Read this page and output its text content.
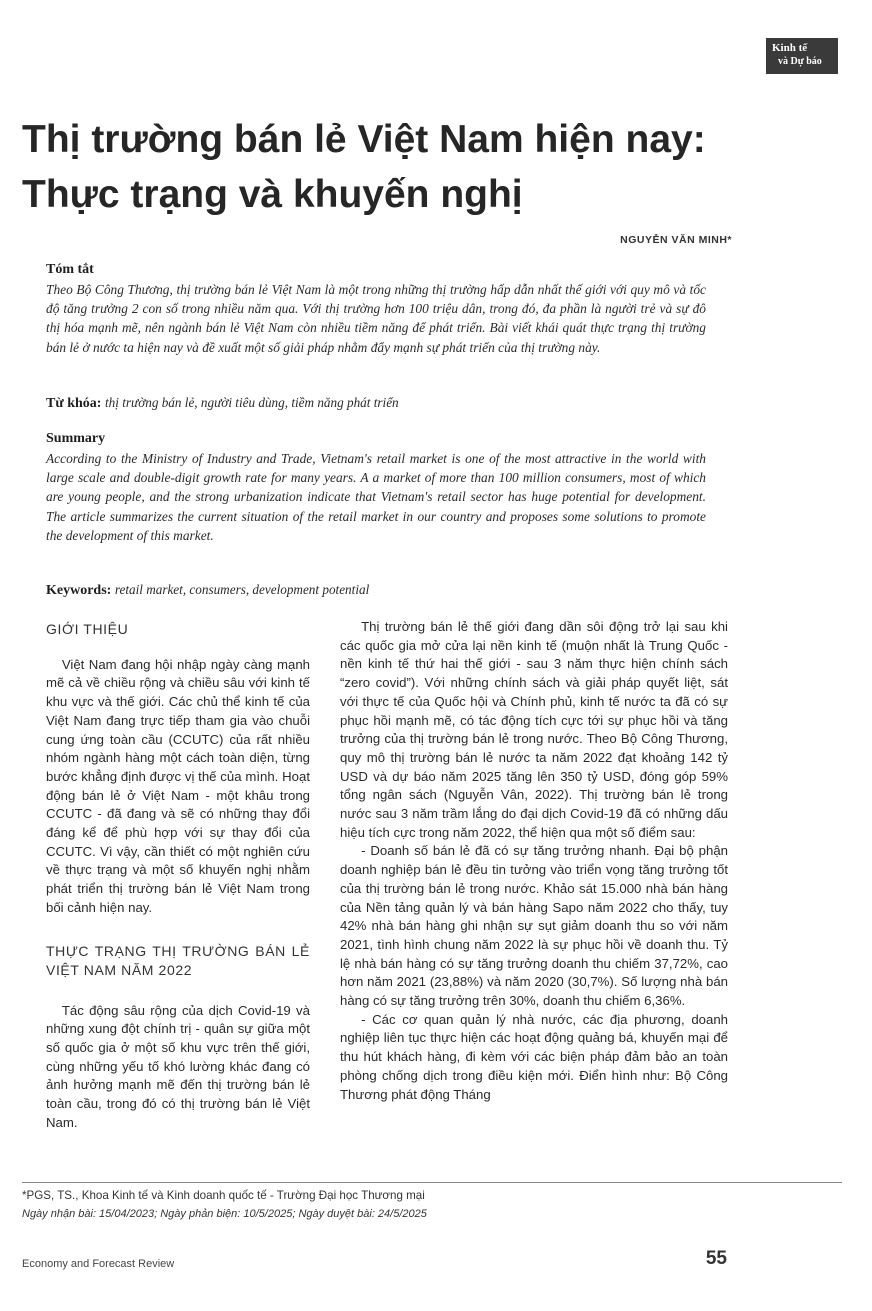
Kinh tế
và Dự báo
Thị trường bán lẻ Việt Nam hiện nay:
Thực trạng và khuyến nghị
NGUYỄN VĂN MINH*
Tóm tắt

Theo Bộ Công Thương, thị trường bán lẻ Việt Nam là một trong những thị trường hấp dẫn nhất thế giới với quy mô và tốc độ tăng trưởng 2 con số trong nhiều năm qua. Với thị trường hơn 100 triệu dân, trong đó, đa phần là người trẻ và sự đô thị hóa mạnh mẽ, nên ngành bán lẻ Việt Nam còn nhiều tiềm năng để phát triển. Bài viết khái quát thực trạng thị trường bán lẻ ở nước ta hiện nay và đề xuất một số giải pháp nhằm đẩy mạnh sự phát triển của thị trường này.

Từ khóa: thị trường bán lẻ, người tiêu dùng, tiềm năng phát triển
Summary

According to the Ministry of Industry and Trade, Vietnam's retail market is one of the most attractive in the world with large scale and double-digit growth rate for many years. A a market of more than 100 million consumers, most of which are young people, and the strong urbanization indicate that Vietnam's retail sector has huge potential for development. The article summarizes the current situation of the retail market in our country and proposes some solutions to promote the development of this market.

Keywords: retail market, consumers, development potential
GIỚI THIỆU

Việt Nam đang hội nhập ngày càng mạnh mẽ cả về chiều rộng và chiều sâu với kinh tế khu vực và thế giới. Các chủ thể kinh tế của Việt Nam đang trực tiếp tham gia vào chuỗi cung ứng toàn cầu (CCUTC) của rất nhiều nhóm ngành hàng một cách toàn diện, từng bước khẳng định được vị thế của mình. Hoạt động bán lẻ ở Việt Nam - một khâu trong CCUTC - đã đang và sẽ có những thay đổi đáng kể để phù hợp với sự thay đổi của CCUTC. Vì vậy, cần thiết có một nghiên cứu về thực trạng và một số khuyến nghị nhằm phát triển thị trường bán lẻ Việt Nam trong bối cảnh hiện nay.

THỰC TRẠNG THỊ TRƯỜNG BÁN LẺ VIỆT NAM NĂM 2022

Tác động sâu rộng của dịch Covid-19 và những xung đột chính trị - quân sự giữa một số quốc gia ở một số khu vực trên thế giới, cùng những yếu tố khó lường khác đang có ảnh hưởng mạnh mẽ đến thị trường bán lẻ toàn cầu, trong đó có thị trường bán lẻ Việt Nam.

Thị trường bán lẻ thế giới đang dần sôi động trở lại sau khi các quốc gia mở cửa lại nền kinh tế (muộn nhất là Trung Quốc - nền kinh tế thứ hai thế giới - sau 3 năm thực hiện chính sách “zero covid”). Với những chính sách và giải pháp quyết liệt, sát với thực tế của Quốc hội và Chính phủ, kinh tế nước ta đã có sự phục hồi mạnh mẽ, có tác động tích cực tới sự phục hồi và tăng trưởng của thị trường bán lẻ trong nước. Theo Bộ Công Thương, quy mô thị trường bán lẻ nước ta năm 2022 đạt khoảng 142 tỷ USD và dự báo năm 2025 tăng lên 350 tỷ USD, đóng góp 59% tổng ngân sách (Nguyễn Vân, 2022). Thị trường bán lẻ trong nước sau 3 năm trầm lắng do đại dịch Covid-19 đã có những dấu hiệu tích cực trong năm 2022, thể hiện qua một số điểm sau:

- Doanh số bán lẻ đã có sự tăng trưởng nhanh. Đại bộ phận doanh nghiệp bán lẻ đều tin tưởng vào triển vọng tăng trưởng tốt của thị trường bán lẻ trong nước. Khảo sát 15.000 nhà bán hàng của Nền tảng quản lý và bán hàng Sapo năm 2022 cho thấy, tuy 42% nhà bán hàng ghi nhận sự sụt giảm doanh thu so với năm 2021, tình hình chung năm 2022 là sự phục hồi về doanh thu. Tỷ lệ nhà bán hàng có sự tăng trưởng doanh thu chiếm 37,72%, cao hơn năm 2021 (23,88%) và năm 2020 (30,7%). Số lượng nhà bán hàng có sự tăng trưởng trên 30%, doanh thu chiếm 6,36%.

- Các cơ quan quản lý nhà nước, các địa phương, doanh nghiệp liên tục thực hiện các hoạt động quảng bá, khuyến mại để thu hút khách hàng, đi kèm với các biện pháp đảm bảo an toàn phòng chống dịch trong điều kiện mới. Điển hình như: Bộ Công Thương phát động Tháng

*PGS, TS., Khoa Kinh tế và Kinh doanh quốc tế - Trường Đại học Thương mại
Ngày nhận bài: 15/04/2023; Ngày phản biện: 10/5/2025; Ngày duyệt bài: 24/5/2025
Economy and Forecast Review	55
